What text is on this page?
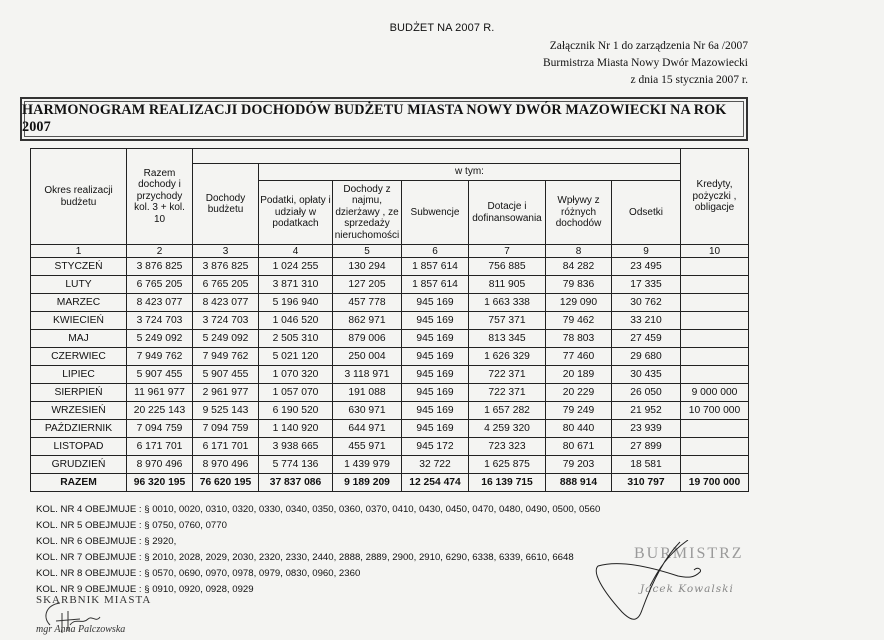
BUDŻET NA 2007 R.
Załącznik Nr 1 do zarządzenia Nr 6a /2007
Burmistrza Miasta Nowy Dwór Mazowiecki
z dnia 15 stycznia 2007 r.
HARMONOGRAM REALIZACJI DOCHODÓW BUDŻETU MIASTA NOWY DWÓR MAZOWIECKI NA ROK 2007
Okres realizacji budżetu	Razem dochody i przychody kol. 3 + kol. 10								Kredyty, pożyczki , obligacje
		Dochody budżetu	w tym:						
			Podatki, opłaty i udziały w podatkach	Dochody z najmu, dzierżawy , ze sprzedaży nieruchomości	Subwencje	Dotacje i dofinansowania	Wpływy z różnych dochodów	Odsetki	
1	2	3	4	5	6	7	8	9	10
STYCZEŃ	3 876 825	3 876 825	1 024 255	130 294	1 857 614	756 885	84 282	23 495	
LUTY	6 765 205	6 765 205	3 871 310	127 205	1 857 614	811 905	79 836	17 335	
MARZEC	8 423 077	8 423 077	5 196 940	457 778	945 169	1 663 338	129 090	30 762	
KWIECIEŃ	3 724 703	3 724 703	1 046 520	862 971	945 169	757 371	79 462	33 210	
MAJ	5 249 092	5 249 092	2 505 310	879 006	945 169	813 345	78 803	27 459	
CZERWIEC	7 949 762	7 949 762	5 021 120	250 004	945 169	1 626 329	77 460	29 680	
LIPIEC	5 907 455	5 907 455	1 070 320	3 118 971	945 169	722 371	20 189	30 435	
SIERPIEŃ	11 961 977	2 961 977	1 057 070	191 088	945 169	722 371	20 229	26 050	9 000 000
WRZESIEŃ	20 225 143	9 525 143	6 190 520	630 971	945 169	1 657 282	79 249	21 952	10 700 000
PAŹDZIERNIK	7 094 759	7 094 759	1 140 920	644 971	945 169	4 259 320	80 440	23 939	
LISTOPAD	6 171 701	6 171 701	3 938 665	455 971	945 172	723 323	80 671	27 899	
GRUDZIEŃ	8 970 496	8 970 496	5 774 136	1 439 979	32 722	1 625 875	79 203	18 581	
RAZEM	96 320 195	76 620 195	37 837 086	9 189 209	12 254 474	16 139 715	888 914	310 797	19 700 000
KOL. NR 4 OBEJMUJE : § 0010, 0020, 0310, 0320, 0330, 0340, 0350, 0360, 0370, 0410, 0430, 0450, 0470, 0480, 0490, 0500, 0560
KOL. NR 5 OBEJMUJE : § 0750, 0760, 0770
KOL. NR 6 OBEJMUJE : § 2920,
KOL. NR 7 OBEJMUJE : § 2010, 2028, 2029, 2030, 2320, 2330, 2440, 2888, 2889, 2900, 2910, 6290, 6338, 6339, 6610, 6648
KOL. NR 8 OBEJMUJE : § 0570, 0690, 0970, 0978, 0979, 0830, 0960, 2360
KOL. NR 9 OBEJMUJE : § 0910, 0920, 0928, 0929
SKARBNIK MIASTA
mgr Anna Palczowska
BURMISTRZ
Jacek Kowalski
